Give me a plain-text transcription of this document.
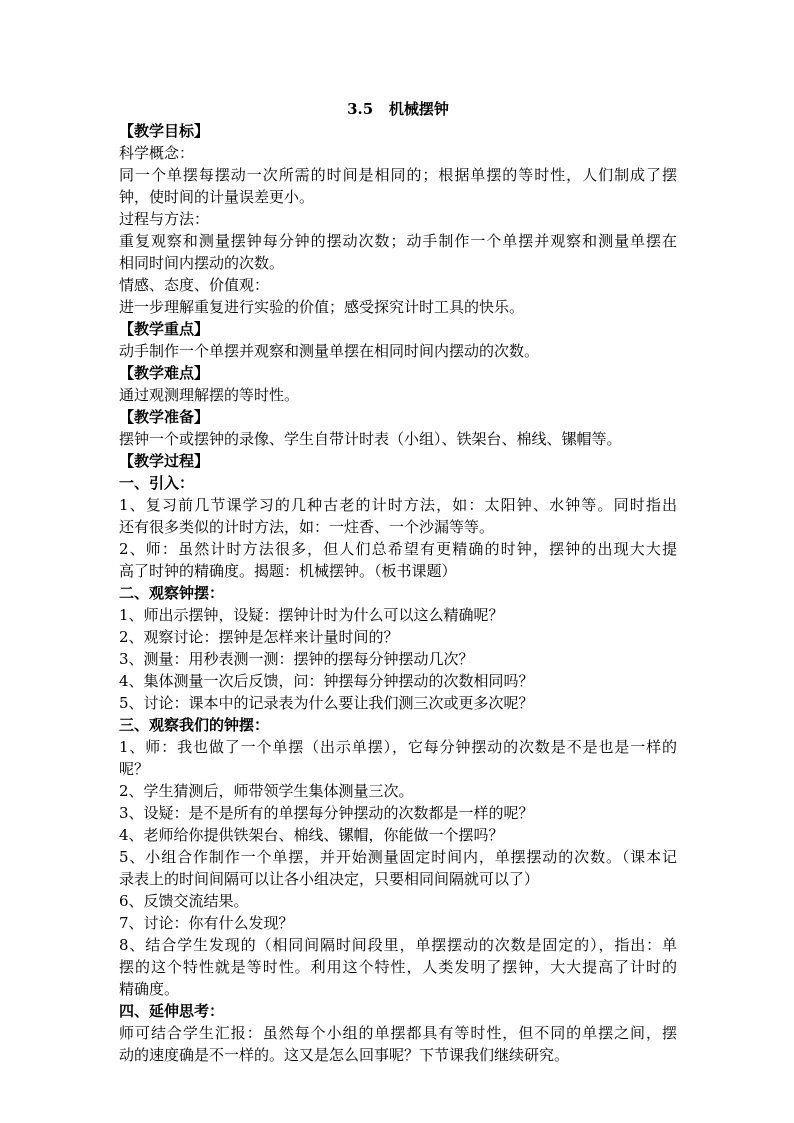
3.5   机械摆钟
【教学目标】
科学概念：
同一个单摆每摆动一次所需的时间是相同的；根据单摆的等时性，人们制成了摆
钟，使时间的计量误差更小。
过程与方法：
重复观察和测量摆钟每分钟的摆动次数；动手制作一个单摆并观察和测量单摆在
相同时间内摆动的次数。
情感、态度、价值观：
进一步理解重复进行实验的价值；感受探究计时工具的快乐。
【教学重点】
动手制作一个单摆并观察和测量单摆在相同时间内摆动的次数。
【教学难点】
通过观测理解摆的等时性。
【教学准备】
摆钟一个或摆钟的录像、学生自带计时表（小组）、铁架台、棉线、镙帽等。
【教学过程】
一、引入：
1、复习前几节课学习的几种古老的计时方法，如：太阳钟、水钟等。同时指出
还有很多类似的计时方法，如：一炷香、一个沙漏等等。
2、师：虽然计时方法很多，但人们总希望有更精确的时钟，摆钟的出现大大提
高了时钟的精确度。揭题：机械摆钟。（板书课题）
二、观察钟摆：
1、师出示摆钟，设疑：摆钟计时为什么可以这么精确呢？
2、观察讨论：摆钟是怎样来计量时间的？
3、测量：用秒表测一测：摆钟的摆每分钟摆动几次？
4、集体测量一次后反馈，问：钟摆每分钟摆动的次数相同吗？
5、讨论：课本中的记录表为什么要让我们测三次或更多次呢？
三、观察我们的钟摆：
1、师：我也做了一个单摆（出示单摆），它每分钟摆动的次数是不是也是一样的
呢？
2、学生猜测后，师带领学生集体测量三次。
3、设疑：是不是所有的单摆每分钟摆动的次数都是一样的呢？
4、老师给你提供铁架台、棉线、镙帽，你能做一个摆吗？
5、小组合作制作一个单摆，并开始测量固定时间内，单摆摆动的次数。（课本记
录表上的时间间隔可以让各小组决定，只要相同间隔就可以了）
6、反馈交流结果。
7、讨论：你有什么发现？
8、结合学生发现的（相同间隔时间段里，单摆摆动的次数是固定的），指出：单
摆的这个特性就是等时性。利用这个特性，人类发明了摆钟，大大提高了计时的
精确度。
四、延伸思考：
师可结合学生汇报：虽然每个小组的单摆都具有等时性，但不同的单摆之间，摆
动的速度确是不一样的。这又是怎么回事呢？下节课我们继续研究。
